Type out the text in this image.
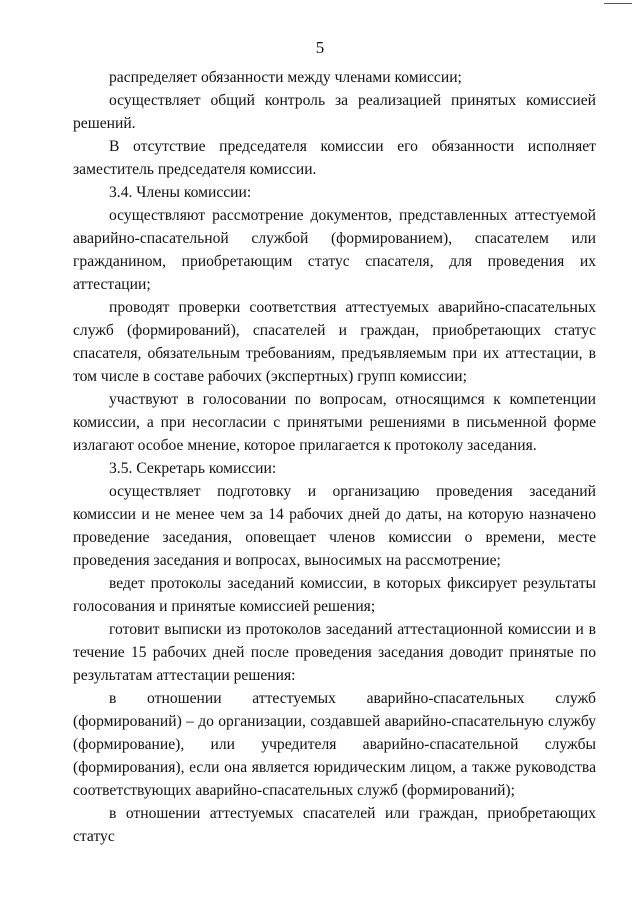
5

распределяет обязанности между членами комиссии;

осуществляет общий контроль за реализацией принятых комиссией решений.

В отсутствие председателя комиссии его обязанности исполняет заместитель председателя комиссии.

3.4. Члены комиссии:

осуществляют рассмотрение документов, представленных аттестуемой аварийно-спасательной службой (формированием), спасателем или гражданином, приобретающим статус спасателя, для проведения их аттестации;

проводят проверки соответствия аттестуемых аварийно-спасательных служб (формирований), спасателей и граждан, приобретающих статус спасателя, обязательным требованиям, предъявляемым при их аттестации, в том числе в составе рабочих (экспертных) групп комиссии;

участвуют в голосовании по вопросам, относящимся к компетенции комиссии, а при несогласии с принятыми решениями в письменной форме излагают особое мнение, которое прилагается к протоколу заседания.

3.5. Секретарь комиссии:

осуществляет подготовку и организацию проведения заседаний комиссии и не менее чем за 14 рабочих дней до даты, на которую назначено проведение заседания, оповещает членов комиссии о времени, месте проведения заседания и вопросах, выносимых на рассмотрение;

ведет протоколы заседаний комиссии, в которых фиксирует результаты голосования и принятые комиссией решения;

готовит выписки из протоколов заседаний аттестационной комиссии и в течение 15 рабочих дней после проведения заседания доводит принятые по результатам аттестации решения:

в отношении аттестуемых аварийно-спасательных служб (формирований) – до организации, создавшей аварийно-спасательную службу (формирование), или учредителя аварийно-спасательной службы (формирования), если она является юридическим лицом, а также руководства соответствующих аварийно-спасательных служб (формирований);

в отношении аттестуемых спасателей или граждан, приобретающих статус
